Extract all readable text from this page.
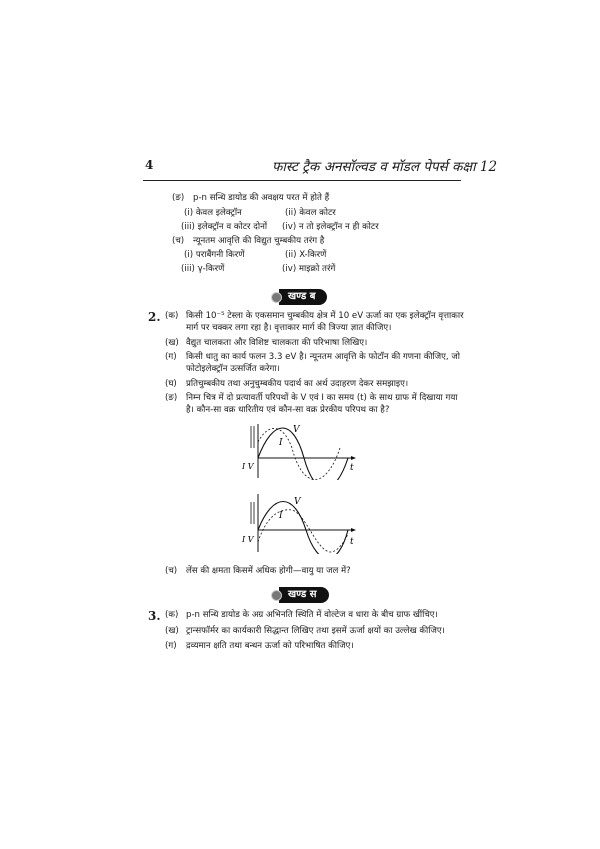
4	फास्ट ट्रैक अनसॉल्वड व मॉडल पेपर्स कक्षा 12
(ङ) p-n सन्धि डायोड की अवक्षय परत में होते हैं
(i) केवल इलेक्ट्रॉन	(ii) केवल कोटर
(iii) इलेक्ट्रॉन व कोटर दोनों (iv) न तो इलेक्ट्रॉन न ही कोटर
(च) न्यूनतम आवृत्ति की विद्युत चुम्बकीय तरंग है
(i) पराबैंगनी किरणें	(ii) X-किरणें
(iii) γ-किरणें	(iv) माइक्रो तरंगें
खण्ड ब
2. (क) किसी 10⁻⁵ टेस्ला के एकसमान चुम्बकीय क्षेत्र में 10 eV ऊर्जा का एक इलेक्ट्रॉन वृत्ताकार
मार्ग पर चक्कर लगा रहा है। वृत्ताकार मार्ग की त्रिज्या ज्ञात कीजिए।
(ख) वैद्युत चालकता और विशिष्ट चालकता की परिभाषा लिखिए।
(ग) किसी धातु का कार्य फलन 3.3 eV है। न्यूनतम आवृत्ति के फोटॉन की गणना कीजिए, जो
फोटोइलेक्ट्रॉन उत्सर्जित करेगा।
(घ) प्रतिचुम्बकीय तथा अनुचुम्बकीय पदार्थ का अर्थ उदाहरण देकर समझाइए।
(ङ) निम्न चित्र में दो प्रत्यावर्ती परिपथों के V एवं I का समय (t) के साथ ग्राफ में दिखाया गया
है। कौन-सा वक्र धारितीय एवं कौन-सा वक्र प्रेरकीय परिपथ का है?
I V
V
I
t
I V
V
I
t
(च) लेंस की क्षमता किसमें अधिक होगी—वायु या जल में?
खण्ड स
3. (क) p-n सन्धि डायोड के अग्र अभिनति स्थिति में वोल्टेज व धारा के बीच ग्राफ खींचिए।
(ख) ट्रान्सफॉर्मर का कार्यकारी सिद्धान्त लिखिए तथा इसमें ऊर्जा क्षयों का उल्लेख कीजिए।
(ग) द्रव्यमान क्षति तथा बन्धन ऊर्जा को परिभाषित कीजिए।
